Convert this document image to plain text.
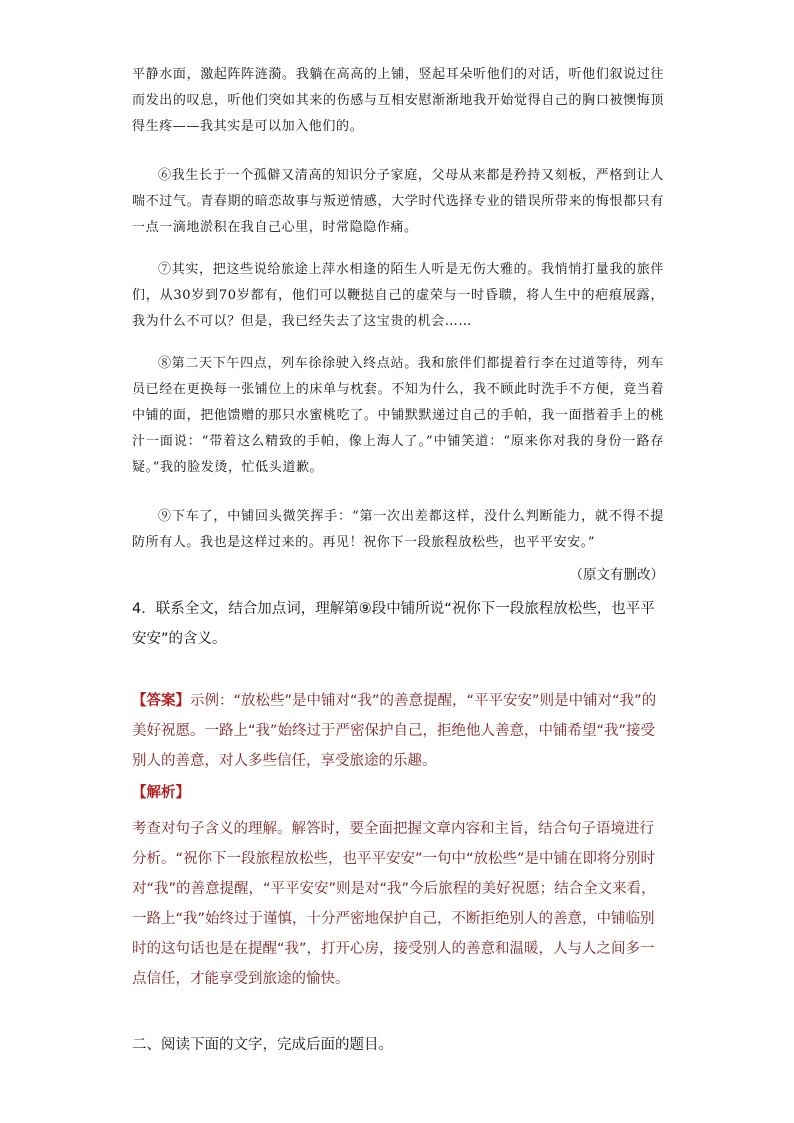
平静水面，激起阵阵涟漪。我躺在高高的上铺，竖起耳朵听他们的对话，听他们叙说过往而发出的叹息，听他们突如其来的伤感与互相安慰渐渐地我开始觉得自己的胸口被懊悔顶得生疼——我其实是可以加入他们的。

⑥我生长于一个孤僻又清高的知识分子家庭，父母从来都是矜持又刻板，严格到让人喘不过气。青春期的暗恋故事与叛逆情感，大学时代选择专业的错误所带来的悔恨都只有一点一滴地淤积在我自己心里，时常隐隐作痛。

⑦其实，把这些说给旅途上萍水相逢的陌生人听是无伤大雅的。我悄悄打量我的旅伴们，从30岁到70岁都有，他们可以鞭挞自己的虚荣与一时昏聩，将人生中的疤痕展露，我为什么不可以？但是，我已经失去了这宝贵的机会……

⑧第二天下午四点，列车徐徐驶入终点站。我和旅伴们都提着行李在过道等待，列车员已经在更换每一张铺位上的床单与枕套。不知为什么，我不顾此时洗手不方便，竟当着中铺的面，把他馈赠的那只水蜜桃吃了。中铺默默递过自己的手帕，我一面揩着手上的桃汁一面说：“带着这么精致的手帕，像上海人了。”中铺笑道：“原来你对我的身份一路存疑。”我的脸发烫，忙低头道歉。

⑨下车了，中铺回头微笑挥手：“第一次出差都这样，没什么判断能力，就不得不提防所有人。我也是这样过来的。再见！祝你下一段旅程放松些，也平平安安。”

（原文有删改）
4．联系全文，结合加点词，理解第⑨段中铺所说“祝你下一段旅程放松些，也平平安安”的含义。
【答案】示例：“放松些”是中铺对“我”的善意提醒，“平平安安”则是中铺对“我”的美好祝愿。一路上“我”始终过于严密保护自己，拒绝他人善意，中铺希望“我”接受别人的善意，对人多些信任，享受旅途的乐趣。
【解析】
考查对句子含义的理解。解答时，要全面把握文章内容和主旨，结合句子语境进行分析。“祝你下一段旅程放松些，也平平安安”一句中“放松些”是中铺在即将分别时对“我”的善意提醒，“平平安安”则是对“我”今后旅程的美好祝愿；结合全文来看，一路上“我”始终过于谨慎，十分严密地保护自己，不断拒绝别人的善意，中铺临别时的这句话也是在提醒“我”，打开心房，接受别人的善意和温暖，人与人之间多一点信任，才能享受到旅途的愉快。
二、阅读下面的文字，完成后面的题目。
